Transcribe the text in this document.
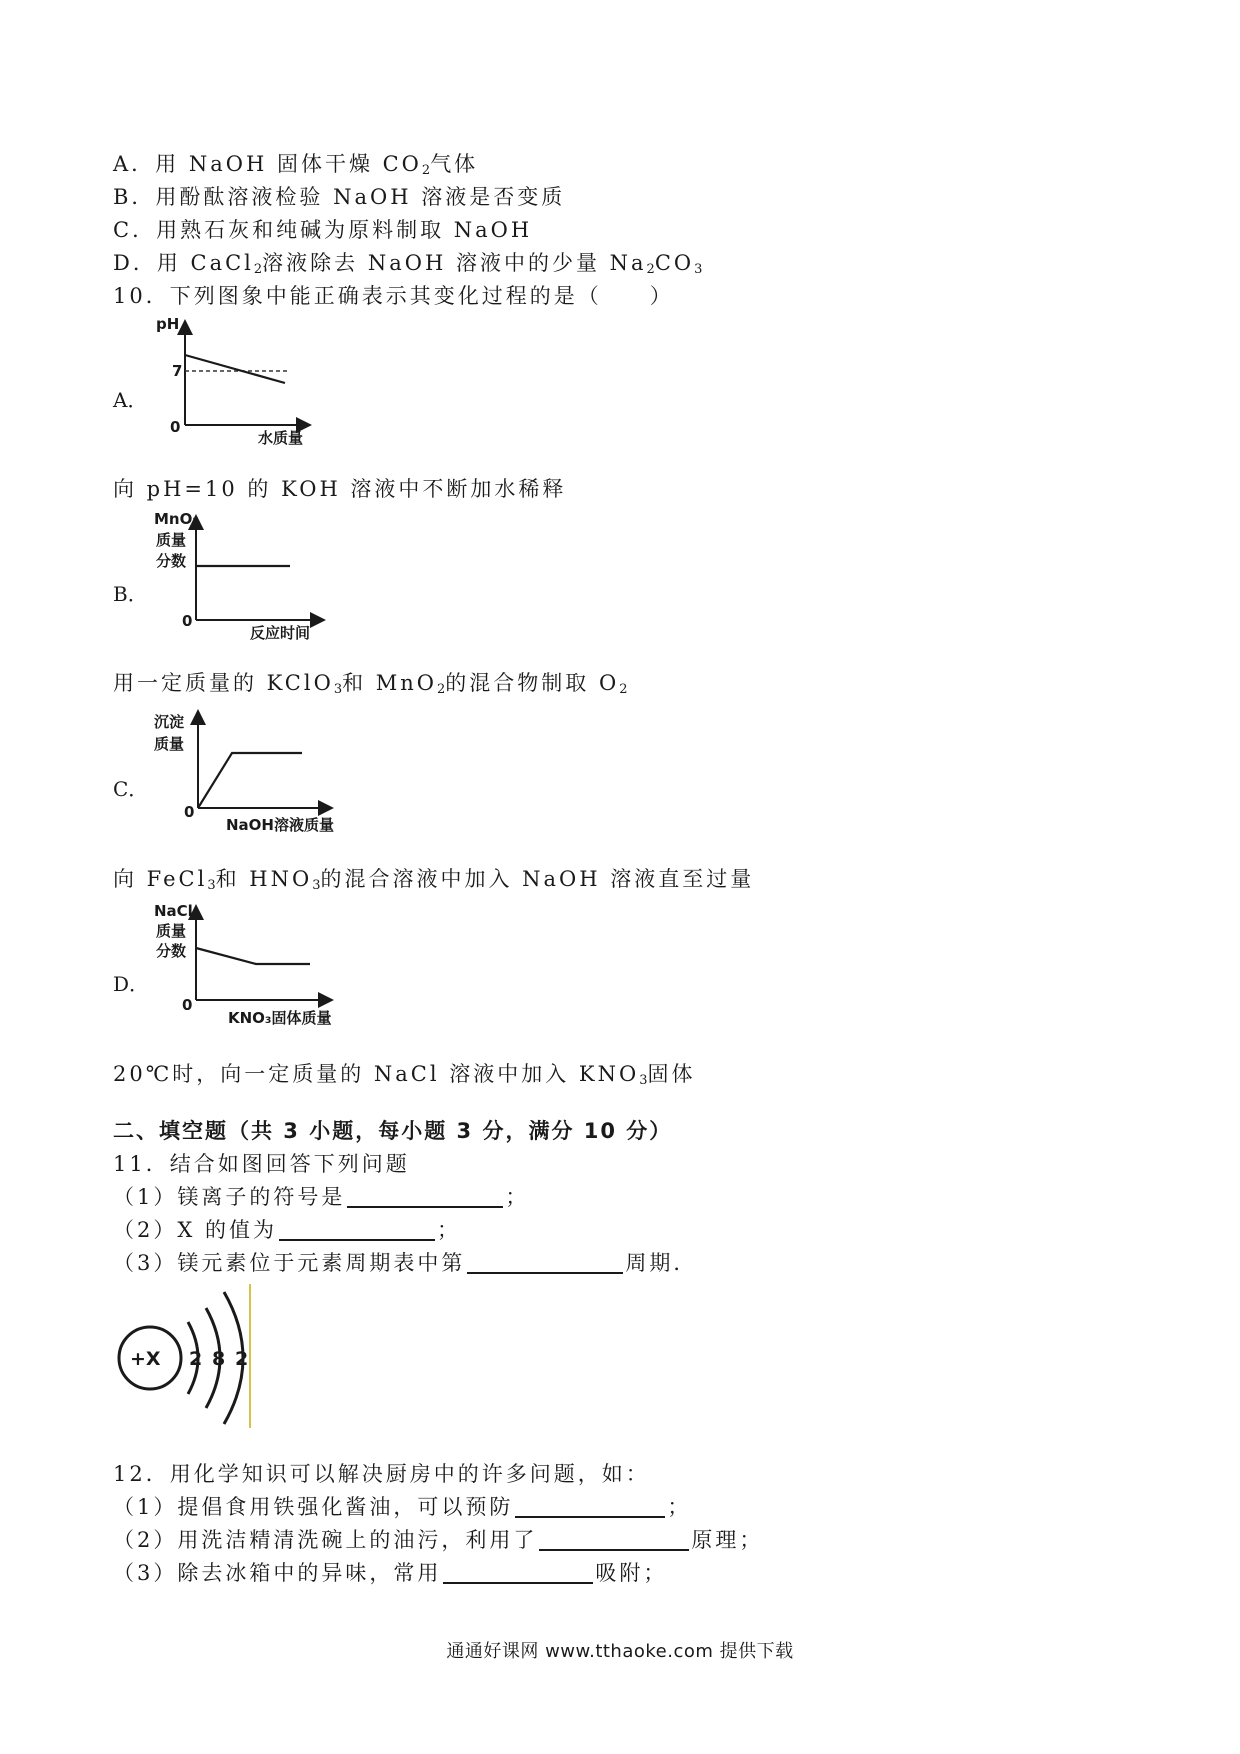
A．用 NaOH 固体干燥 $CO_2$气体
B．用酚酞溶液检验 NaOH 溶液是否变质
C．用熟石灰和纯碱为原料制取 NaOH
D．用 CaCl$_2$溶液除去 NaOH 溶液中的少量 $Na_2CO_3$
10．下列图象中能正确表示其变化过程的是（　　）
A．
pH
7
0
水质量
向 pH=10 的 KOH 溶液中不断加水稀释
B．
MnO₂
质量
分数
0
反应时间
用一定质量的 KClO$_3$和 MnO$_2$的混合物制取 $O_2$
C．
沉淀
质量
0
NaOH溶液质量
向 FeCl$_3$和 $HNO_3$的混合溶液中加入 NaOH 溶液直至过量
D．
NaCl
质量
分数
0
KNO₃固体质量
20℃时，向一定质量的 NaCl 溶液中加入 $KNO_3$固体
二、填空题（共 3 小题，每小题 3 分，满分 10 分）
11．结合如图回答下列问题
（1）镁离子的符号是	；
（2）X 的值为	；
（3）镁元素位于元素周期表中第	周期．
+X 2 8 2
12．用化学知识可以解决厨房中的许多问题，如：
（1）提倡食用铁强化酱油，可以预防	；
（2）用洗洁精清洗碗上的油污，利用了	原理；
（3）除去冰箱中的异味，常用	吸附；
通通好课网 www.tthaoke.com 提供下载
